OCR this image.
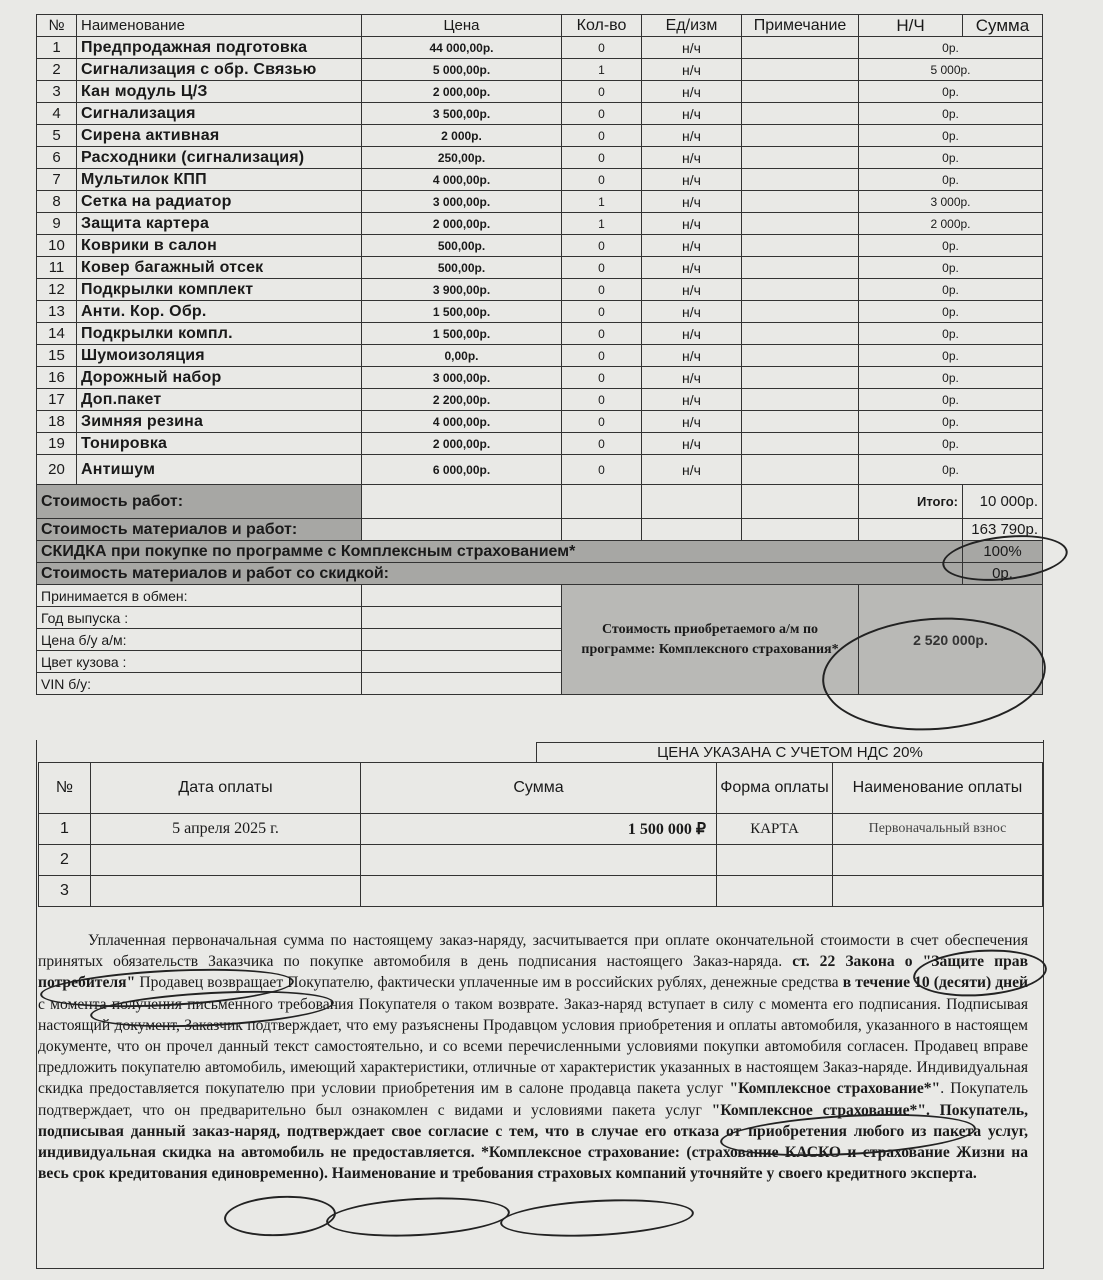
№	Наименование	Цена	Кол-во	Ед/изм	Примечание	Н/Ч	Сумма
1	Предпродажная подготовка	44 000,00р.	0	н/ч		0р.	
2	Сигнализация с обр. Связью	5 000,00р.	1	н/ч		5 000р.	
3	Кан модуль Ц/З	2 000,00р.	0	н/ч		0р.	
4	Сигнализация	3 500,00р.	0	н/ч		0р.	
5	Сирена активная	2 000р.	0	н/ч		0р.	
6	Расходники (сигнализация)	250,00р.	0	н/ч		0р.	
7	Мультилок КПП	4 000,00р.	0	н/ч		0р.	
8	Сетка на радиатор	3 000,00р.	1	н/ч		3 000р.	
9	Защита картера	2 000,00р.	1	н/ч		2 000р.	
10	Коврики в салон	500,00р.	0	н/ч		0р.	
11	Ковер багажный отсек	500,00р.	0	н/ч		0р.	
12	Подкрылки комплект	3 900,00р.	0	н/ч		0р.	
13	Анти. Кор. Обр.	1 500,00р.	0	н/ч		0р.	
14	Подкрылки компл.	1 500,00р.	0	н/ч		0р.	
15	Шумоизоляция	0,00р.	0	н/ч		0р.	
16	Дорожный набор	3 000,00р.	0	н/ч		0р.	
17	Доп.пакет	2 200,00р.	0	н/ч		0р.	
18	Зимняя резина	4 000,00р.	0	н/ч		0р.	
19	Тонировка	2 000,00р.	0	н/ч		0р.	
20	Антишум	6 000,00р.	0	н/ч		0р.	
Стоимость работ:						Итого:	10 000р.
Стоимость материалов и работ:							163 790р.
СКИДКА при покупке по программе с Комплексным страхованием*							100%
Стоимость материалов и работ со скидкой:							0р.
Принимается в обмен:			Стоимость приобретаемого а/м по программе: Комплексного страхования*			2 520 000р.	
Год выпуска :							
Цена б/у а/м:							
Цвет кузова :							
VIN б/у:							
ЦЕНА УКАЗАНА С УЧЕТОМ НДС 20%
№	Дата оплаты	Сумма	Форма оплаты	Наименование оплаты
1	5 апреля 2025 г.	1 500 000 ₽	КАРТА	Первоначальный взнос
2				
3				

Уплаченная первоначальная сумма по настоящему заказ-наряду, засчитывается при оплате окончательной стоимости в счет обеспечения принятых обязательств Заказчика по покупке автомобиля в день подписания настоящего Заказ-наряда. ст. 22 Закона о "Защите прав потребителя" Продавец возвращает Покупателю, фактически уплаченные им в российских рублях, денежные средства в течение 10 (десяти) дней с момента получения письменного требования Покупателя о таком возврате. Заказ-наряд вступает в силу с момента его подписания. Подписывая настоящий документ, Заказчик подтверждает, что ему разъяснены Продавцом условия приобретения и оплаты автомобиля, указанного в настоящем документе, что он прочел данный текст самостоятельно, и со всеми перечисленными условиями покупки автомобиля согласен. Продавец вправе предложить покупателю автомобиль, имеющий характеристики, отличные от характеристик указанных в настоящем Заказ-наряде. Индивидуальная скидка предоставляется покупателю при условии приобретения им в салоне продавца пакета услуг "Комплексное страхование*". Покупатель подтверждает, что он предварительно был ознакомлен с видами и условиями пакета услуг "Комплексное страхование*". Покупатель, подписывая данный заказ-наряд, подтверждает свое согласие с тем, что в случае его отказа от приобретения любого из пакета услуг, индивидуальная скидка на автомобиль не предоставляется. *Комплексное страхование: (страхование КАСКО и страхование Жизни на весь срок кредитования единовременно). Наименование и требования страховых компаний уточняйте у своего кредитного эксперта.
